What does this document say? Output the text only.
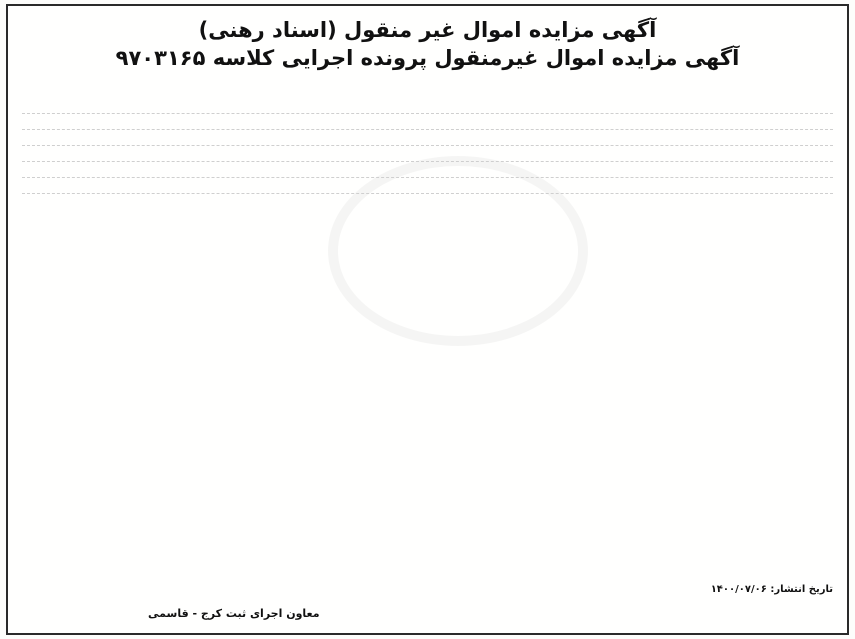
آگهی مزایده اموال غیر منقول (اسناد رهنی)

آگهی مزایده اموال غیرمنقول پرونده اجرایی کلاسه ۹۷۰۳۱۶۵

تاریخ انتشار: ۱۴۰۰/۰۷/۰۶
معاون اجرای ثبت کرج - قاسمی
